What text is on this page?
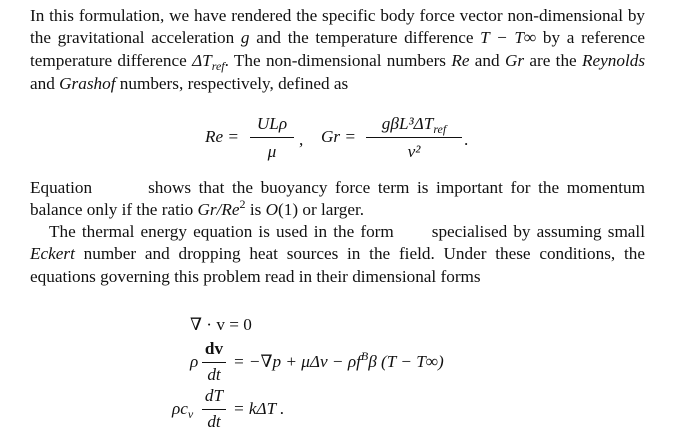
In this formulation, we have rendered the specific body force vector non-dimensional by the gravitational acceleration g and the temperature difference T − T∞ by a reference temperature difference $\Delta T_{ref}$. The non-dimensional numbers Re and Gr are the Reynolds and Grashof numbers, respectively, defined as

Re =
ULρ
μ
, Gr =
$g\beta L^3\Delta T_{ref}$
ν²
.

Equation	shows that the buoyancy force term is important for the momentum balance only if the ratio Gr/Re$^2$ is O(1) or larger.

The thermal energy equation is used in the form specialised by assuming small Eckert number and dropping heat sources in the field. Under these conditions, the equations governing this problem read in their dimensional forms

∇ · v = 0
ρ
dv
dt
= $-\nabla p + \mu\Delta v - \rho f^B\beta$ (T − T∞)
$\rho c_v$
dT
dt
= kΔT .
